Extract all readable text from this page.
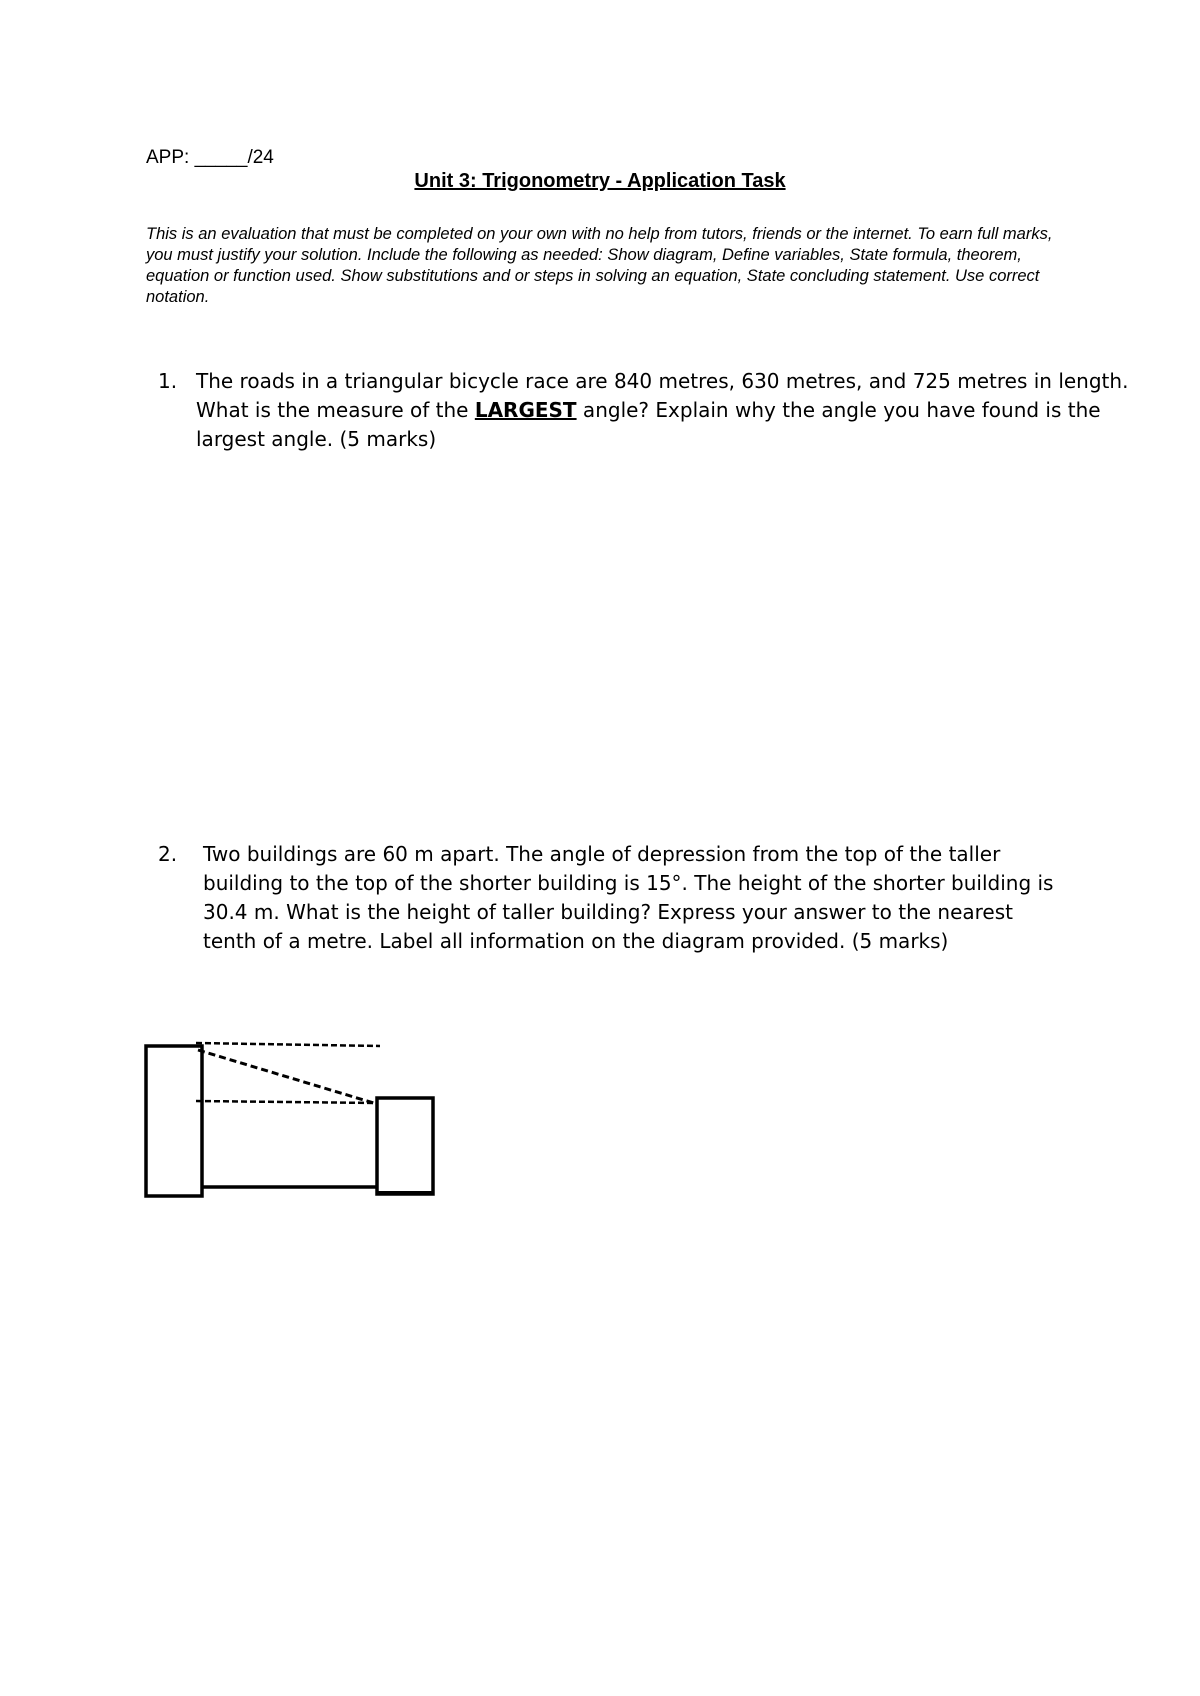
APP: _____/24
Unit 3: Trigonometry - Application Task
This is an evaluation that must be completed on your own with no help from tutors, friends or the internet. To earn full marks, you must justify your solution. Include the following as needed: Show diagram, Define variables, State formula, theorem, equation or function used. Show substitutions and or steps in solving an equation, State concluding statement. Use correct notation.
1. The roads in a triangular bicycle race are 840 metres, 630 metres, and 725 metres in length. What is the measure of the LARGEST angle? Explain why the angle you have found is the largest angle. (5 marks)
2. Two buildings are 60 m apart. The angle of depression from the top of the taller building to the top of the shorter building is 15°. The height of the shorter building is 30.4 m. What is the height of taller building? Express your answer to the nearest tenth of a metre. Label all information on the diagram provided. (5 marks)
